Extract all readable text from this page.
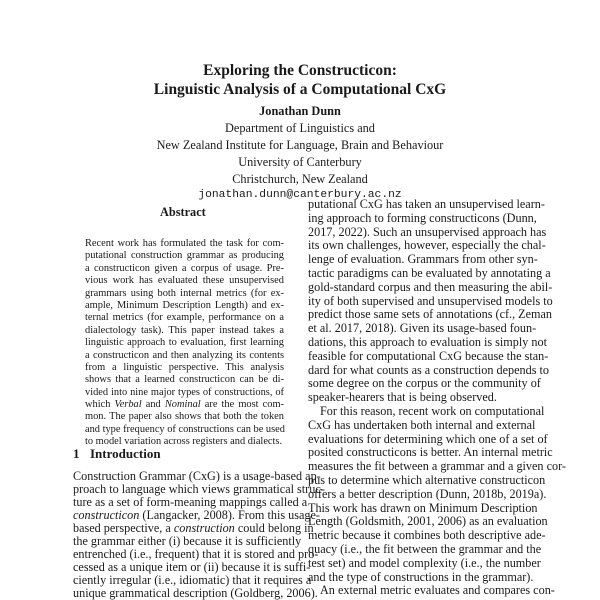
Exploring the Constructicon:
Linguistic Analysis of a Computational CxG
Jonathan Dunn
Department of Linguistics and
New Zealand Institute for Language, Brain and Behaviour
University of Canterbury
Christchurch, New Zealand
jonathan.dunn@canterbury.ac.nz
Abstract
Recent work has formulated the task for com-
putational construction grammar as producing
a constructicon given a corpus of usage. Pre-
vious work has evaluated these unsupervised
grammars using both internal metrics (for ex-
ample, Minimum Description Length) and ex-
ternal metrics (for example, performance on a
dialectology task). This paper instead takes a
linguistic approach to evaluation, first learning
a constructicon and then analyzing its contents
from a linguistic perspective. This analysis
shows that a learned constructicon can be di-
vided into nine major types of constructions, of
which Verbal and Nominal are the most com-
mon. The paper also shows that both the token
and type frequency of constructions can be used
to model variation across registers and dialects.
1 Introduction
Construction Grammar (CxG) is a usage-based ap-
proach to language which views grammatical struc-
ture as a set of form-meaning mappings called a
constructicon (Langacker, 2008). From this usage-
based perspective, a construction could belong in
the grammar either (i) because it is sufficiently
entrenched (i.e., frequent) that it is stored and pro-
cessed as a unique item or (ii) because it is suffi-
ciently irregular (i.e., idiomatic) that it requires a
unique grammatical description (Goldberg, 2006).
putational CxG has taken an unsupervised learn-
ing approach to forming constructicons (Dunn,
2017, 2022). Such an unsupervised approach has
its own challenges, however, especially the chal-
lenge of evaluation. Grammars from other syn-
tactic paradigms can be evaluated by annotating a
gold-standard corpus and then measuring the abil-
ity of both supervised and unsupervised models to
predict those same sets of annotations (cf., Zeman
et al. 2017, 2018). Given its usage-based foun-
dations, this approach to evaluation is simply not
feasible for computational CxG because the stan-
dard for what counts as a construction depends to
some degree on the corpus or the community of
speaker-hearers that is being observed.
For this reason, recent work on computational
CxG has undertaken both internal and external
evaluations for determining which one of a set of
posited constructicons is better. An internal metric
measures the fit between a grammar and a given cor-
pus to determine which alternative constructicon
offers a better description (Dunn, 2018b, 2019a).
This work has drawn on Minimum Description
Length (Goldsmith, 2001, 2006) as an evaluation
metric because it combines both descriptive ade-
quacy (i.e., the fit between the grammar and the
test set) and model complexity (i.e., the number
and the type of constructions in the grammar).
An external metric evaluates and compares con-
